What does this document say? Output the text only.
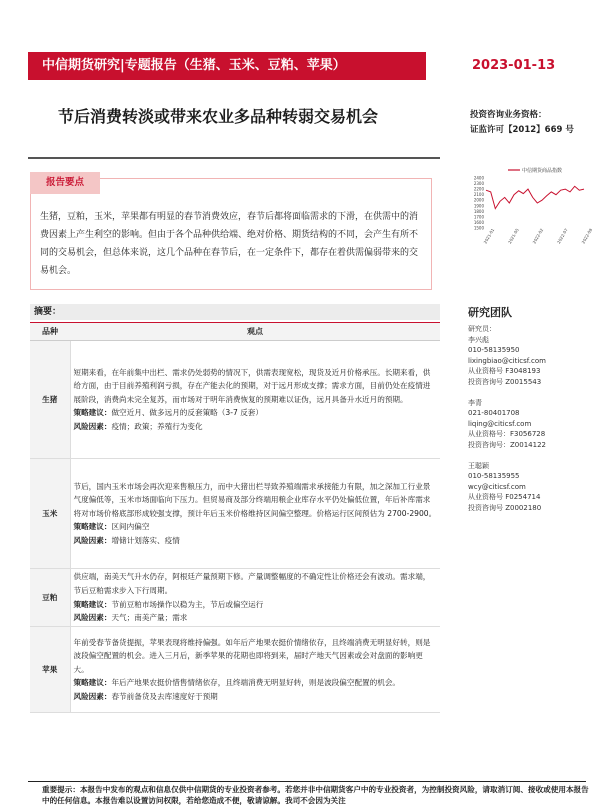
中信期货研究|专题报告（生猪、玉米、豆粕、苹果）	2023-01-13
节后消费转淡或带来农业多品种转弱交易机会	投资咨询业务资格：
证监许可【2012】669 号
报告要点
生猪，豆粕，玉米，苹果都有明显的春节消费效应，春节后都将面临需求的下滑，在供需中的消费因素上产生利空的影响。但由于各个品种供给端、绝对价格、期货结构的不同，会产生有所不同的交易机会，但总体来说，这几个品种在春节后，在一定条件下，都存在着供需偏弱带来的交易机会。
中信期货商品指数
2400
2300
2200
2100
2000
1900
1800
1700
1600
1500
2021-01	2021-05	2022-02	2022-07	2022-09
摘要：
品种	观点
生猪	短期来看，在年前集中出栏、需求仍处弱势的情况下，供需表现宽松，现货及近月价格承压。长期来看，供给方面，由于目前养殖利润亏损，存在产能去化的预期，对于远月形成支撑；需求方面，目前仍处在疫情进展阶段，消费尚未完全复苏，而市场对于明年消费恢复的预期难以证伪，远月具备升水近月的预期。
策略建议：做空近月、做多远月的反套策略（3-7 反套）
风险因素：疫情；政策；养殖行为变化

玉米	节后，国内玉米市场会再次迎来售粮压力，而中大猪出栏导致养殖端需求承接能力有限，加之深加工行业景气度偏低等，玉米市场面临向下压力。但贸易商及部分终端用粮企业库存水平仍处偏低位置，年后补库需求将对市场价格底部形成较强支撑，预计年后玉米价格维持区间偏空整理。价格运行区间预估为 2700-2900。
策略建议：区间内偏空
风险因素：增储计划落实、疫情

豆粕	供应端，南美天气升水仍存，阿根廷产量预期下修。产量调整幅度的不确定性让价格还会有波动。需求端，节后豆粕需求步入下行周期。
策略建议：节前豆粕市场操作以稳为主，节后或偏空运行
风险因素：天气；南美产量；需求

苹果	年前受春节备货提振，苹果表现将维持偏强。如年后产地果农挺价情绪依存，且终端消费无明显好转，则是波段偏空配置的机会。进入三月后，新季苹果的花期也即将到来，届时产地天气因素或会对盘面的影响更大。
策略建议：年后产地果农挺价惜售情绪依存，且终端消费无明显好转，则是波段偏空配置的机会。
风险因素：春节前备货及去库速度好于预期
研究团队
研究员：
李兴彪
010-58135950
lixingbiao@citicsf.com
从业资格号 F3048193
投资咨询号 Z0015543
李青
021-80401708
liqing@citicsf.com
从业资格号：F3056728
投资咨询号：Z0014122
王聪颖
010-58135955
wcy@citicsf.com
从业资格号 F0254714
投资咨询号 Z0002180
重要提示：本报告中发布的观点和信息仅供中信期货的专业投资者参考。若您并非中信期货客户中的专业投资者，为控制投资风险，请取消订阅、接收或使用本报告中的任何信息。本报告难以设置访问权限，若给您造成不便，敬请谅解。我司不会因为关注
